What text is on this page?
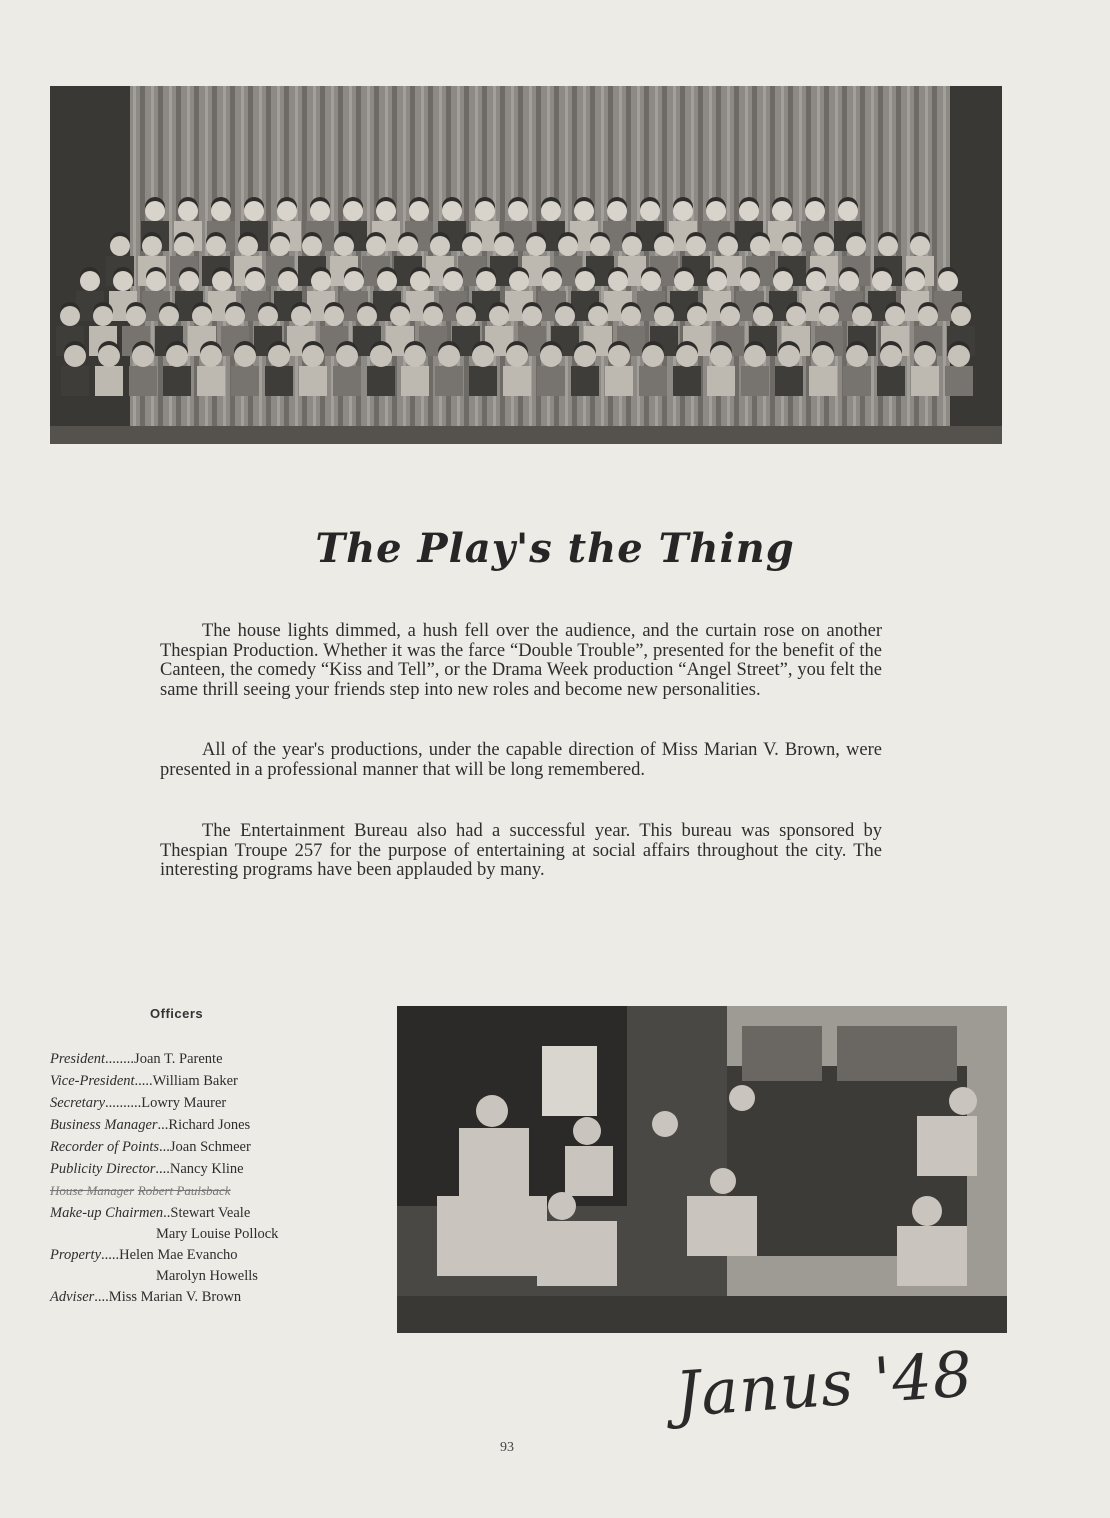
The Play's the Thing

The house lights dimmed, a hush fell over the audience, and the curtain rose on another Thespian Production. Whether it was the farce “Double Trouble”, presented for the benefit of the Canteen, the comedy “Kiss and Tell”, or the Drama Week production “Angel Street”, you felt the same thrill seeing your friends step into new roles and become new personalities.

All of the year's productions, under the capable direction of Miss Marian V. Brown, were presented in a professional manner that will be long remembered.

The Entertainment Bureau also had a successful year. This bureau was sponsored by Thespian Troupe 257 for the purpose of entertaining at social affairs throughout the city. The interesting programs have been applauded by many.

Officers
President........Joan T. Parente
Vice-President.....William Baker
Secretary..........Lowry Maurer
Business Manager...Richard Jones
Recorder of Points...Joan Schmeer
Publicity Director....Nancy Kline
House Manager Robert Paulsback
Make-up Chairmen..Stewart Veale
Mary Louise Pollock
Property.....Helen Mae Evancho
Marolyn Howells
Adviser....Miss Marian V. Brown
93
Janus '48
